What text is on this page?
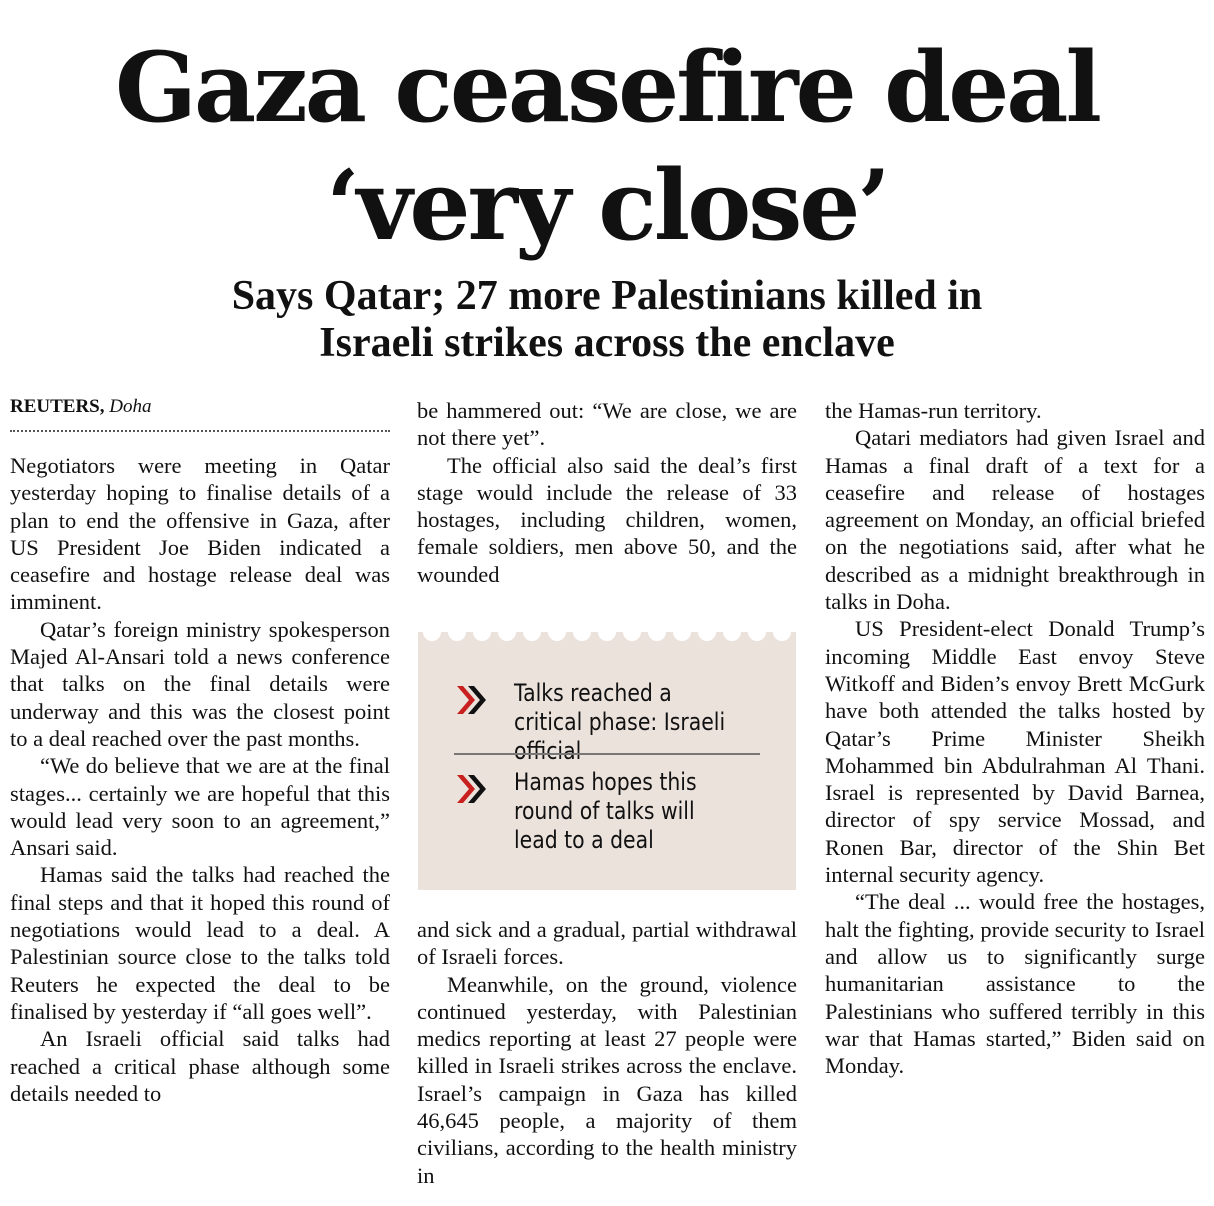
Gaza ceasefire deal
‘very close’
Says Qatar; 27 more Palestinians killed in
Israeli strikes across the enclave
REUTERS, Doha

Negotiators were meeting in Qatar yesterday hoping to finalise details of a plan to end the offensive in Gaza, after US President Joe Biden indicated a ceasefire and hostage release deal was imminent.

Qatar’s foreign ministry spokesperson Majed Al-Ansari told a news conference that talks on the final details were underway and this was the closest point to a deal reached over the past months.

“We do believe that we are at the final stages... certainly we are hopeful that this would lead very soon to an agreement,” Ansari said.

Hamas said the talks had reached the final steps and that it hoped this round of negotiations would lead to a deal. A Palestinian source close to the talks told Reuters he expected the deal to be finalised by yesterday if “all goes well”.

An Israeli official said talks had reached a critical phase although some details needed to

be hammered out: “We are close, we are not there yet”.

The official also said the deal’s first stage would include the release of 33 hostages, including children, women, female soldiers, men above 50, and the wounded

Talks reached a critical phase: Israeli official
Hamas hopes this round of talks will lead to a deal

and sick and a gradual, partial withdrawal of Israeli forces.

Meanwhile, on the ground, violence continued yesterday, with Palestinian medics reporting at least 27 people were killed in Israeli strikes across the enclave. Israel’s campaign in Gaza has killed 46,645 people, a majority of them civilians, according to the health ministry in

the Hamas-run territory.

Qatari mediators had given Israel and Hamas a final draft of a text for a ceasefire and release of hostages agreement on Monday, an official briefed on the negotiations said, after what he described as a midnight breakthrough in talks in Doha.

US President-elect Donald Trump’s incoming Middle East envoy Steve Witkoff and Biden’s envoy Brett McGurk have both attended the talks hosted by Qatar’s Prime Minister Sheikh Mohammed bin Abdulrahman Al Thani. Israel is represented by David Barnea, director of spy service Mossad, and Ronen Bar, director of the Shin Bet internal security agency.

“The deal ... would free the hostages, halt the fighting, provide security to Israel and allow us to significantly surge humanitarian assistance to the Palestinians who suffered terribly in this war that Hamas started,” Biden said on Monday.
